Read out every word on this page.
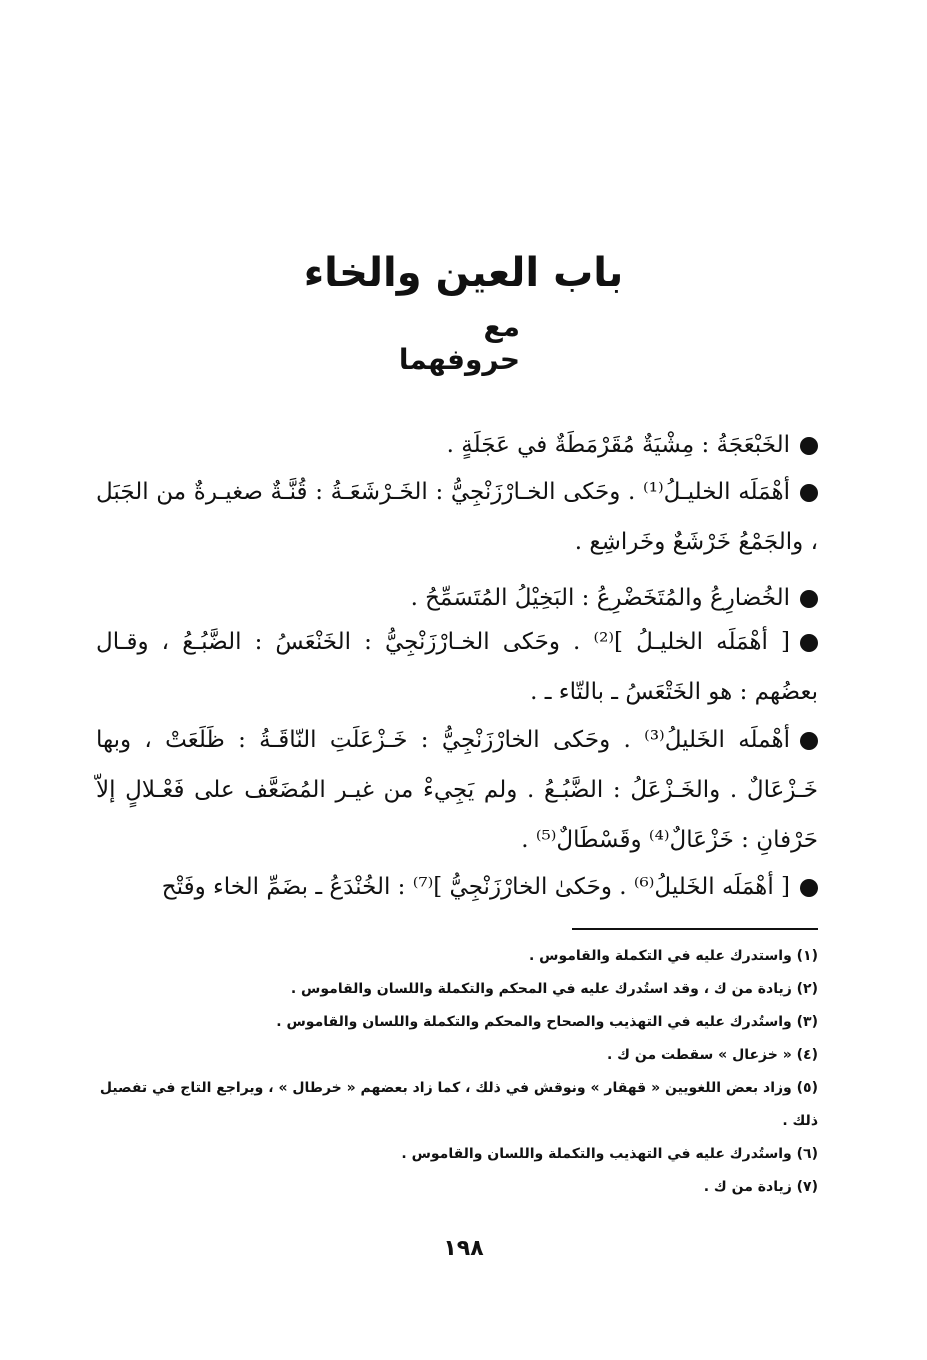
باب العين والخاء
مع حروفهما
الخَبْعَجَةُ : مِشْيَةٌ مُقَرْمَطَةٌ في عَجَلَةٍ .
أهْمَلَه الخليـلُ⁽¹⁾ . وحَكى الخـارْزَنْجِيُّ : الخَـرْشَعَـةُ : قُنَّـةٌ صغيـرةٌ من الجَبَل ، والجَمْعُ خَرْشَعٌ وخَراشِع .
الخُضارِعُ والمُتَخَضْرِعُ : البَخِيْلُ المُتَسَمِّحُ .
[ أهْمَلَه الخليـلُ ]⁽²⁾ . وحَكى الخـارْزَنْجِيُّ : الخَنْعَسُ : الضَّبُـعُ ، وقـال بعضُهم : هو الخَتْعَسُ ـ بالتّاء ـ .
أهْملَه الخَليلُ⁽³⁾ . وحَكى الخارْزَنْجِيُّ : خَـزْعَلَتِ النّاقَـةُ : ظَلَعَتْ ، وبها خَـزْعَالٌ . والخَـزْعَلُ : الضَّبُـعُ . ولم يَجِيءْ من غيـر المُضَعَّف على فَعْـلالٍ إلاّ حَرْفانِ : خَزْعَالٌ⁽⁴⁾ وقَسْطَالٌ⁽⁵⁾ .
[ أهْمَلَه الخَليلُ⁽⁶⁾ . وحَكىٰ الخارْزَنْجِيُّ ]⁽⁷⁾ : الخُنْدَعُ ـ بضَمِّ الخاء وفَتْح
(١) واستدرك عليه في التكملة والقاموس .
(٢) زيادة من ك ، وقد استُدرك عليه في المحكم والتكملة واللسان والقاموس .
(٣) واستُدرك عليه في التهذيب والصحاح والمحكم والتكملة واللسان والقاموس .
(٤) « خزعال » سقطت من ك .
(٥) وزاد بعض اللغويين « قهقار » ونوقش في ذلك ، كما زاد بعضهم « خرطال » ، ويراجع التاج في تفصيل ذلك .
(٦) واستُدرك عليه في التهذيب والتكملة واللسان والقاموس .
(٧) زيادة من ك .
١٩٨
